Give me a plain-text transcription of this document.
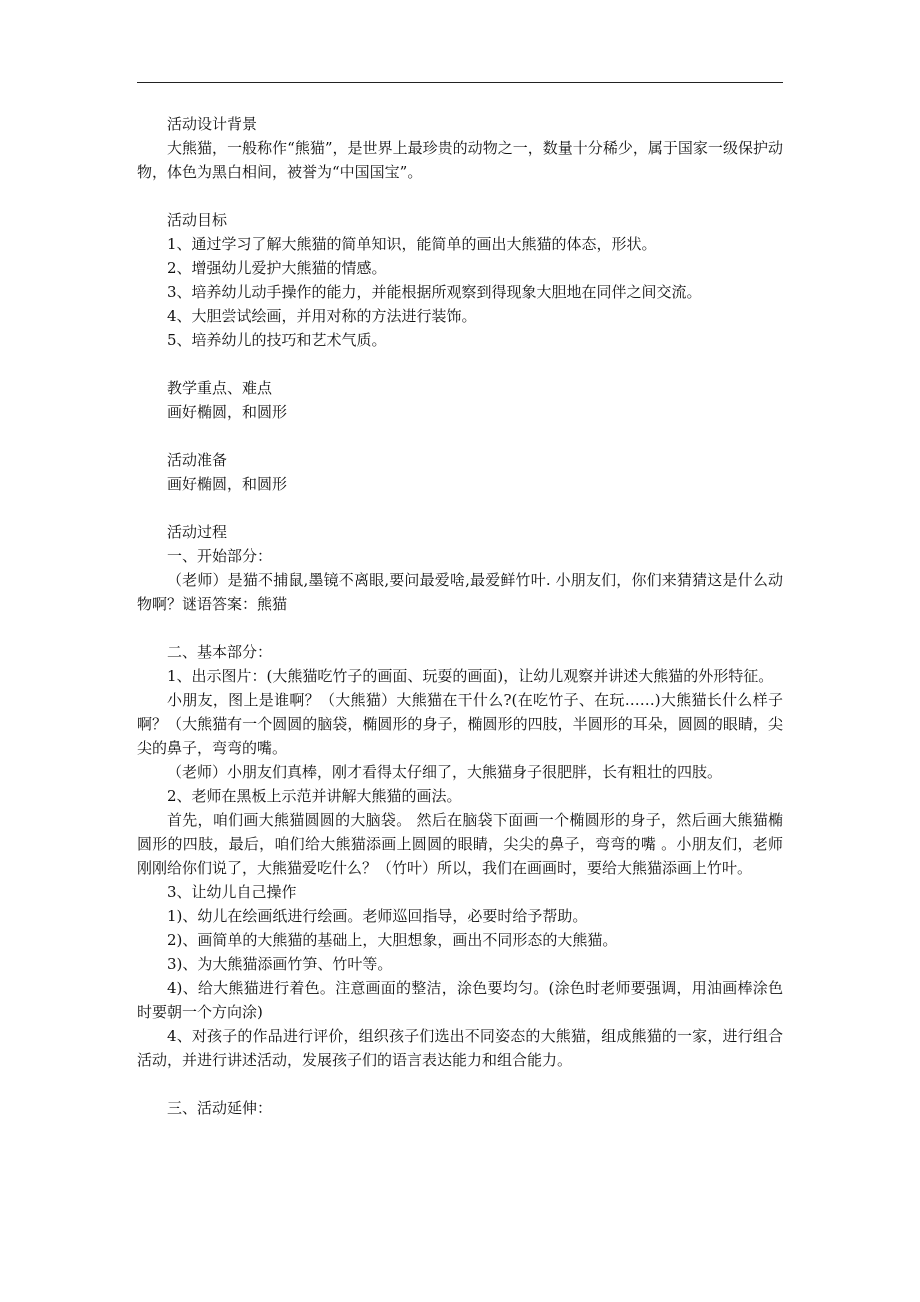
活动设计背景

大熊猫，一般称作“熊猫”，是世界上最珍贵的动物之一，数量十分稀少，属于国家一级保护动物，体色为黑白相间，被誉为“中国国宝”。

活动目标

1、通过学习了解大熊猫的简单知识，能简单的画出大熊猫的体态，形状。

2、增强幼儿爱护大熊猫的情感。

3、培养幼儿动手操作的能力，并能根据所观察到得现象大胆地在同伴之间交流。

4、大胆尝试绘画，并用对称的方法进行装饰。

5、培养幼儿的技巧和艺术气质。

教学重点、难点

画好椭圆，和圆形

活动准备

画好椭圆，和圆形

活动过程

一、开始部分：

（老师）是猫不捕鼠,墨镜不离眼,要问最爱啥,最爱鲜竹叶. 小朋友们，你们来猜猜这是什么动物啊？谜语答案：熊猫

二、基本部分：

1、出示图片：(大熊猫吃竹子的画面、玩耍的画面)，让幼儿观察并讲述大熊猫的外形特征。

小朋友，图上是谁啊？（大熊猫）大熊猫在干什么?(在吃竹子、在玩……)大熊猫长什么样子啊？（大熊猫有一个圆圆的脑袋，椭圆形的身子，椭圆形的四肢，半圆形的耳朵，圆圆的眼睛，尖尖的鼻子，弯弯的嘴。

（老师）小朋友们真棒，刚才看得太仔细了，大熊猫身子很肥胖，长有粗壮的四肢。

2、老师在黑板上示范并讲解大熊猫的画法。

首先，咱们画大熊猫圆圆的大脑袋。 然后在脑袋下面画一个椭圆形的身子，然后画大熊猫椭圆形的四肢，最后，咱们给大熊猫添画上圆圆的眼睛，尖尖的鼻子，弯弯的嘴 。小朋友们，老师刚刚给你们说了，大熊猫爱吃什么？（竹叶）所以，我们在画画时，要给大熊猫添画上竹叶。

3、让幼儿自己操作

1)、幼儿在绘画纸进行绘画。老师巡回指导，必要时给予帮助。

2)、画简单的大熊猫的基础上，大胆想象，画出不同形态的大熊猫。

3)、为大熊猫添画竹笋、竹叶等。

4)、给大熊猫进行着色。注意画面的整洁，涂色要均匀。(涂色时老师要强调，用油画棒涂色时要朝一个方向涂)

4、对孩子的作品进行评价，组织孩子们选出不同姿态的大熊猫，组成熊猫的一家，进行组合活动，并进行讲述活动，发展孩子们的语言表达能力和组合能力。

三、活动延伸：
